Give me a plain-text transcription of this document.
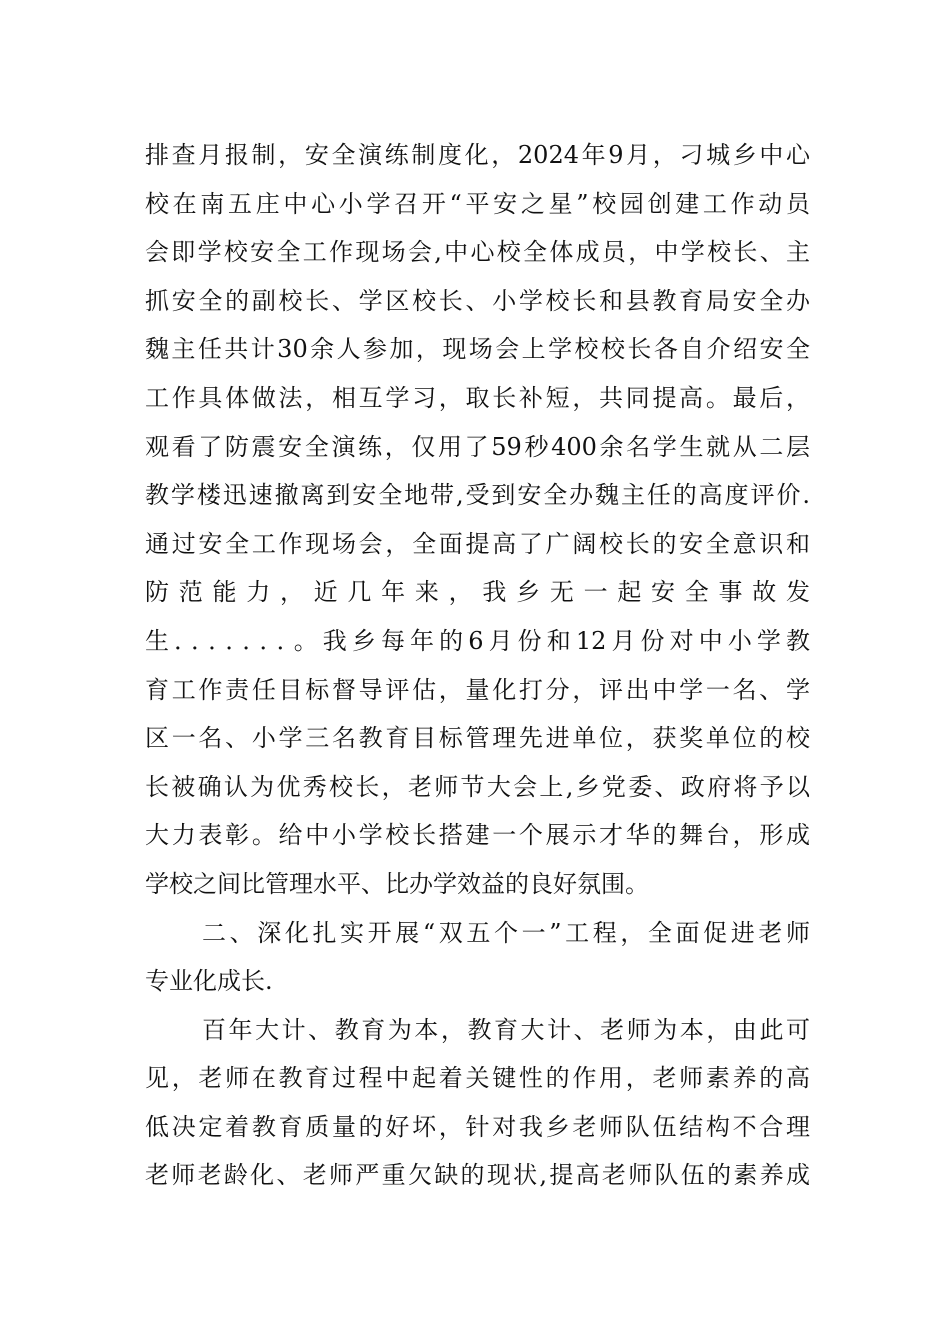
排查月报制，安全演练制度化，2024年9月，刁城乡中心
校在南五庄中心小学召开“平安之星”校园创建工作动员
会即学校安全工作现场会,中心校全体成员，中学校长、主
抓安全的副校长、学区校长、小学校长和县教育局安全办
魏主任共计30余人参加，现场会上学校校长各自介绍安全
工作具体做法，相互学习，取长补短，共同提高。最后，
观看了防震安全演练，仅用了59秒400余名学生就从二层
教学楼迅速撤离到安全地带,受到安全办魏主任的高度评价.
通过安全工作现场会，全面提高了广阔校长的安全意识和
防范能力，近几年来，我乡无一起安全事故发
生．．．．．．．。我乡每年的6月份和12月份对中小学教
育工作责任目标督导评估，量化打分，评出中学一名、学
区一名、小学三名教育目标管理先进单位，获奖单位的校
长被确认为优秀校长，老师节大会上,乡党委、政府将予以
大力表彰。给中小学校长搭建一个展示才华的舞台，形成
学校之间比管理水平、比办学效益的良好氛围。
二、深化扎实开展“双五个一”工程，全面促进老师
专业化成长.
百年大计、教育为本，教育大计、老师为本，由此可
见，老师在教育过程中起着关键性的作用，老师素养的高
低决定着教育质量的好坏，针对我乡老师队伍结构不合理
老师老龄化、老师严重欠缺的现状,提高老师队伍的素养成
